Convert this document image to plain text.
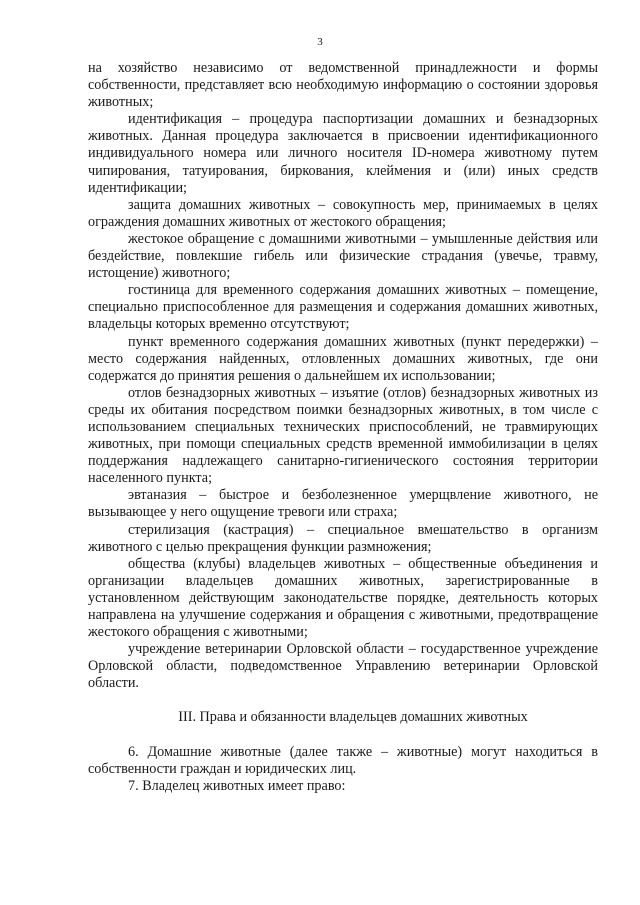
3

на хозяйство независимо от ведомственной принадлежности и формы собственности, представляет всю необходимую информацию о состоянии здоровья животных;

идентификация – процедура паспортизации домашних и безнадзорных животных. Данная процедура заключается в присвоении идентификационного индивидуального номера или личного носителя ID-номера животному путем чипирования, татуирования, биркования, клеймения и (или) иных средств идентификации;

защита домашних животных – совокупность мер, принимаемых в целях ограждения домашних животных от жестокого обращения;

жестокое обращение с домашними животными – умышленные действия или бездействие, повлекшие гибель или физические страдания (увечье, травму, истощение) животного;

гостиница для временного содержания домашних животных – помещение, специально приспособленное для размещения и содержания домашних животных, владельцы которых временно отсутствуют;

пункт временного содержания домашних животных (пункт передержки) – место содержания найденных, отловленных домашних животных, где они содержатся до принятия решения о дальнейшем их использовании;

отлов безнадзорных животных – изъятие (отлов) безнадзорных животных из среды их обитания посредством поимки безнадзорных животных, в том числе с использованием специальных технических приспособлений, не травмирующих животных, при помощи специальных средств временной иммобилизации в целях поддержания надлежащего санитарно-гигиенического состояния территории населенного пункта;

эвтаназия – быстрое и безболезненное умерщвление животного, не вызывающее у него ощущение тревоги или страха;

стерилизация (кастрация) – специальное вмешательство в организм животного с целью прекращения функции размножения;

общества (клубы) владельцев животных – общественные объединения и организации владельцев домашних животных, зарегистрированные в установленном действующим законодательстве порядке, деятельность которых направлена на улучшение содержания и обращения с животными, предотвращение жестокого обращения с животными;

учреждение ветеринарии Орловской области – государственное учреждение Орловской области, подведомственное Управлению ветеринарии Орловской области.

III. Права и обязанности владельцев домашних животных

6. Домашние животные (далее также – животные) могут находиться в собственности граждан и юридических лиц.

7. Владелец животных имеет право:
